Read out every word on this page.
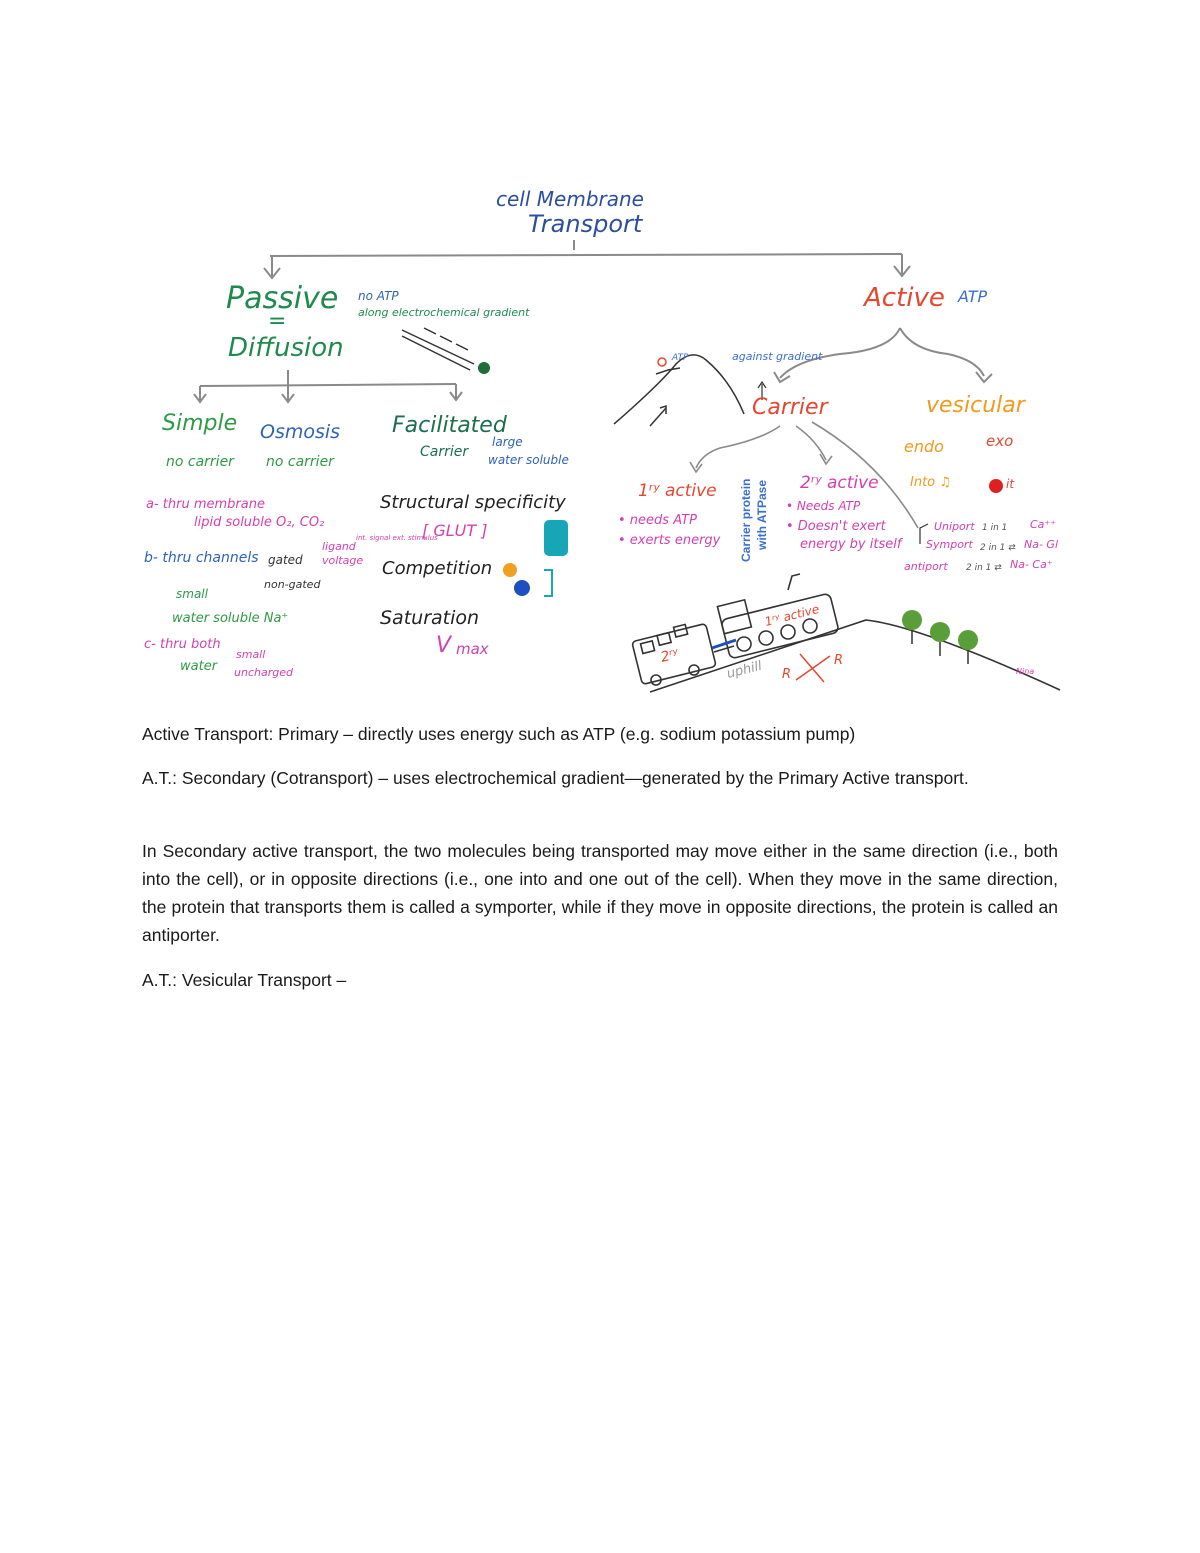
cell Membrane
Transport
Passive
=
Diffusion
no ATP
along electrochemical gradient
Simple
no carrier
Osmosis
no carrier
Facilitated
Carrier
large
water soluble
a- thru membrane
lipid soluble O₂, CO₂
b- thru channels gated
non-gated
ligand
voltage
int. signal ext. stimulus
small
water soluble Na⁺
c- thru both
water
small
uncharged
Structural specificity
[ GLUT ]
Competition
Saturation
V max
Active ATP
ATP	against gradient
Carrier	vesicular
endo
Into ♫
exo
it
1ʳʸ active
• needs ATP
• exerts energy Carrier protein with ATPase 2ʳʸ active
• Needs ATP
• Doesn't exert
energy by itself
Uniport 1 in 1 Ca⁺⁺
Symport 2 in 1 ⇄ Na- Gl
antiport 2 in 1 ⇄ Na- Ca⁺
1ʳʸ active
2ʳʸ
uphill R
R
Nina
Active Transport: Primary – directly uses energy such as ATP (e.g. sodium potassium pump)
A.T.: Secondary (Cotransport) – uses electrochemical gradient—generated by the Primary Active transport.
In Secondary active transport, the two molecules being transported may move either in the same direction (i.e., both into the cell), or in opposite directions (i.e., one into and one out of the cell). When they move in the same direction, the protein that transports them is called a symporter, while if they move in opposite directions, the protein is called an antiporter.
A.T.: Vesicular Transport –
